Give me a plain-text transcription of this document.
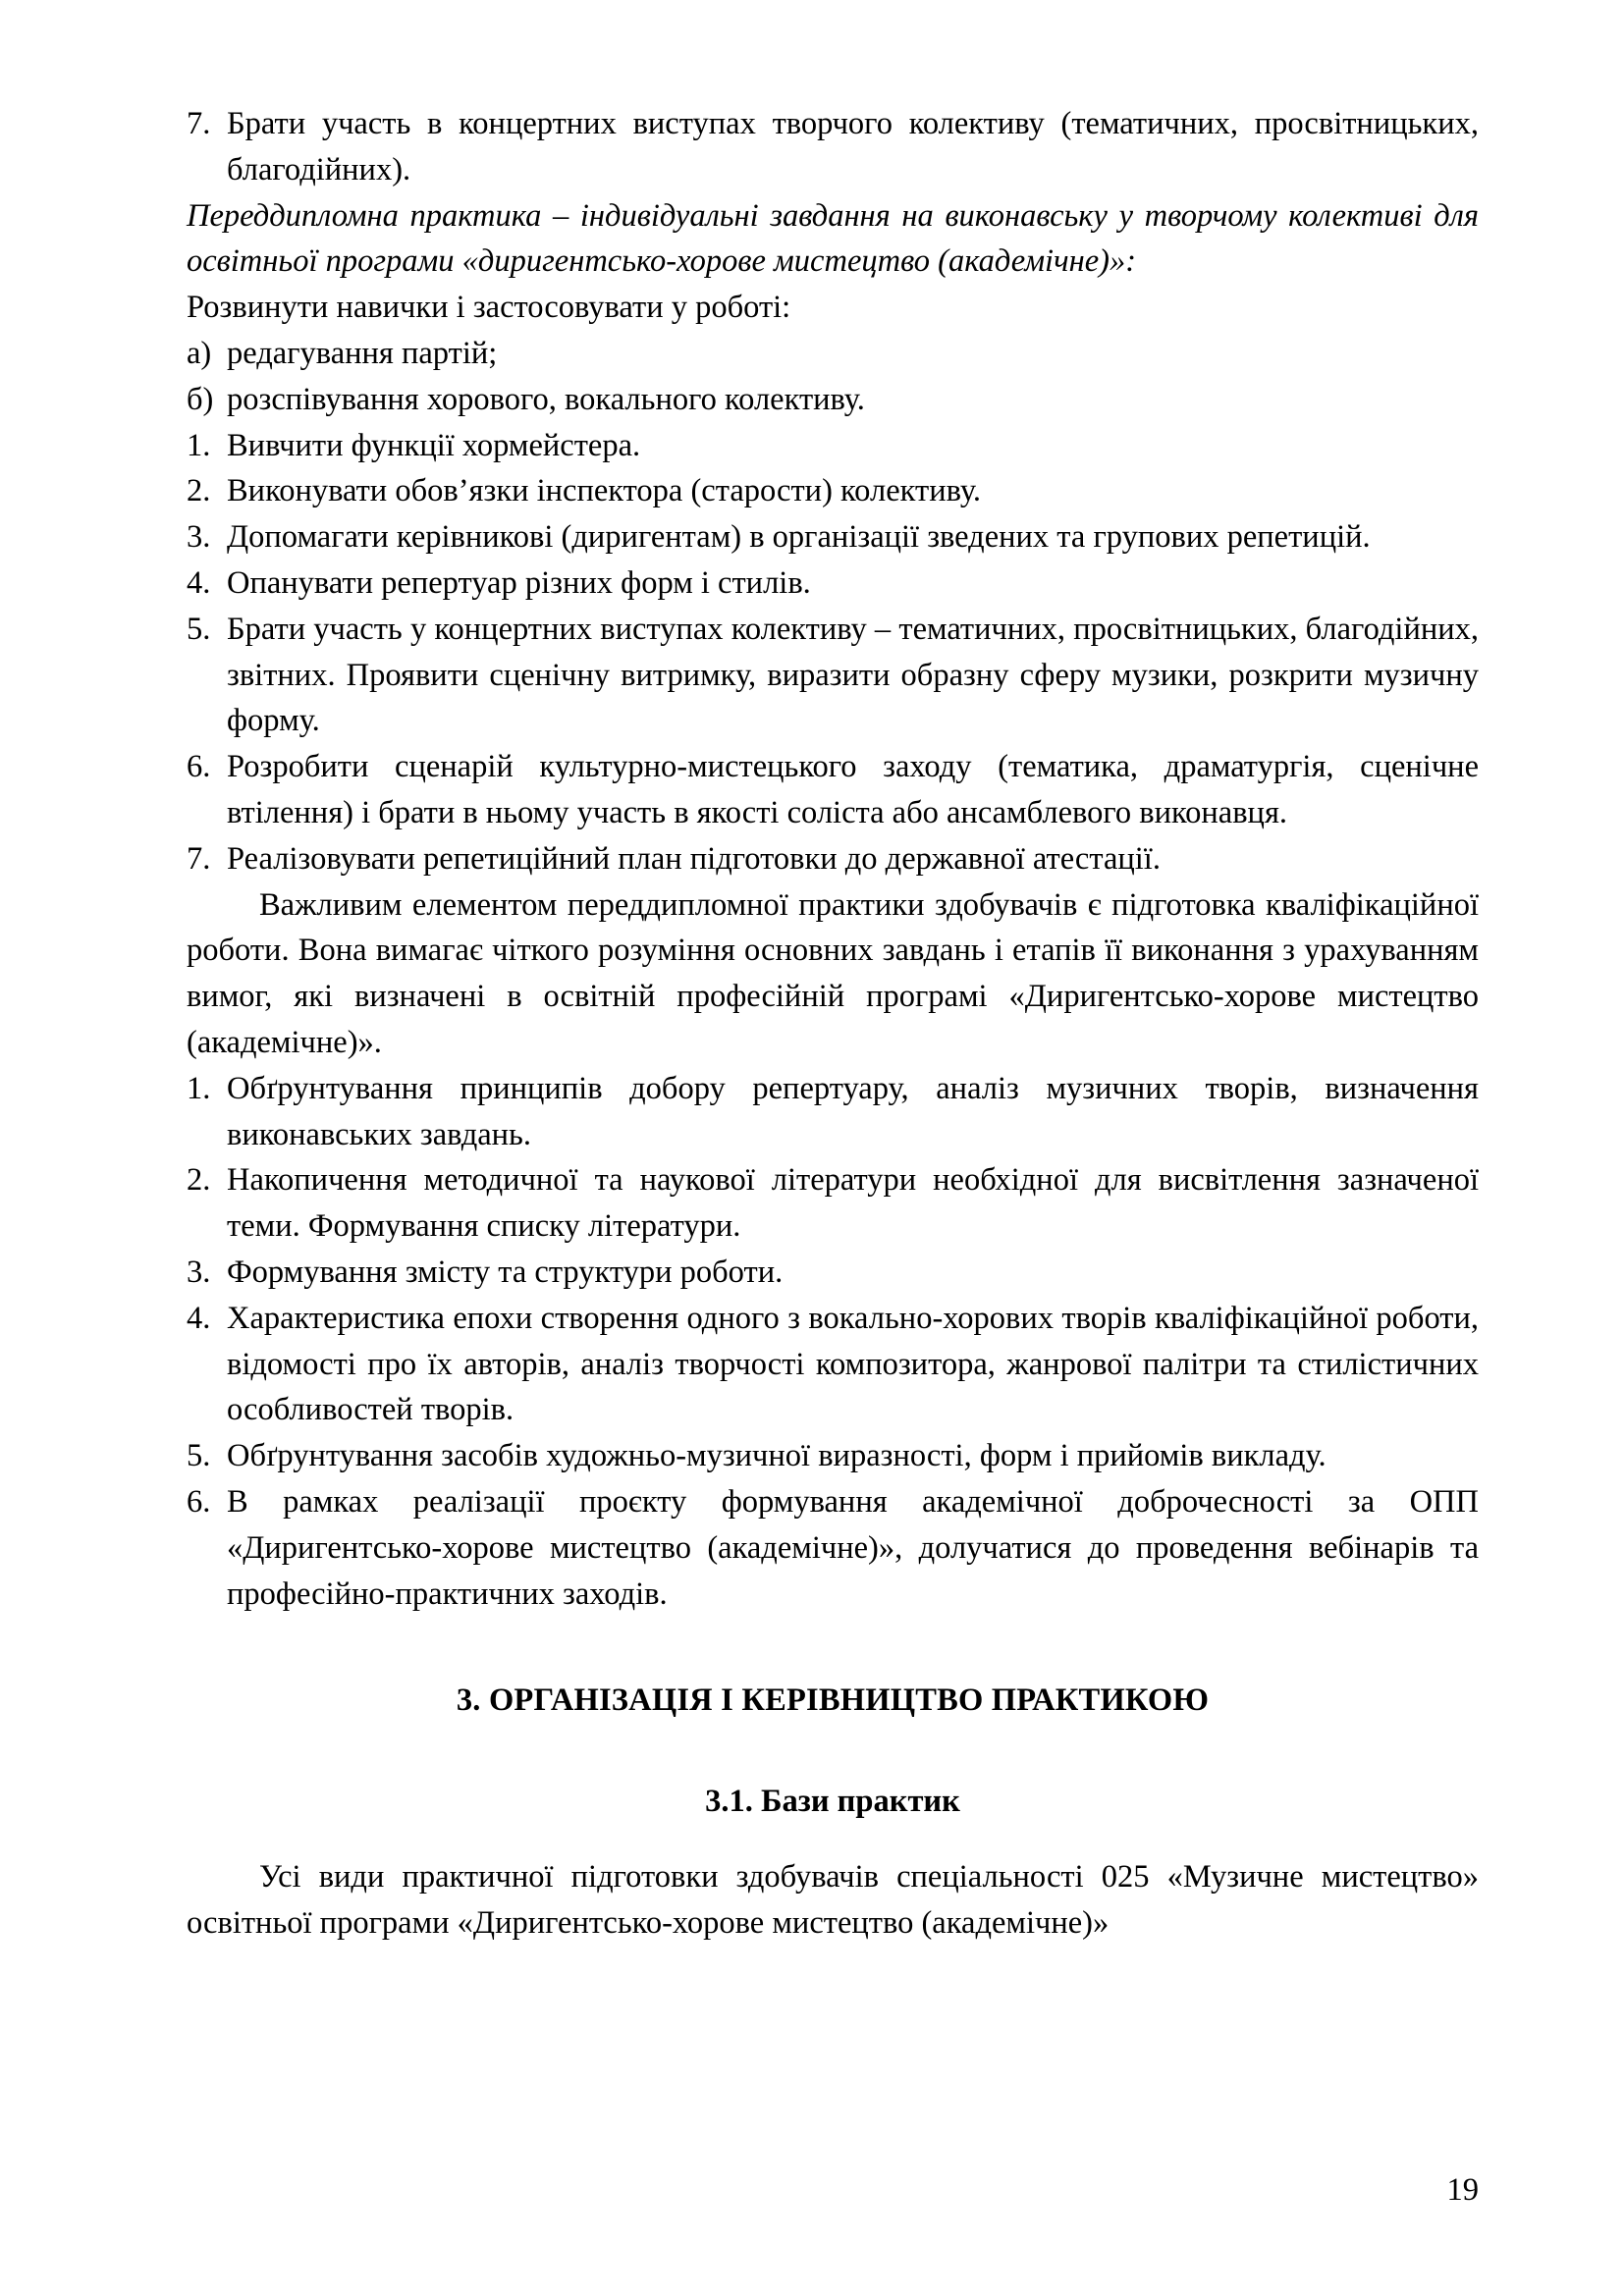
7. Брати участь в концертних виступах творчого колективу (тематичних, просвітницьких, благодійних).

Переддипломна практика – індивідуальні завдання на виконавську у творчому колективі для освітньої програми «диригентсько-хорове мистецтво (академічне)»:

Розвинути навички і застосовувати у роботі:

а) редагування партій;
б) розспівування хорового, вокального колективу.
1. Вивчити функції хормейстера.
2. Виконувати обов’язки інспектора (старости) колективу.
3. Допомагати керівникові (диригентам) в організації зведених та групових репетицій.
4. Опанувати репертуар різних форм і стилів.
5. Брати участь у концертних виступах колективу – тематичних, просвітницьких, благодійних, звітних. Проявити сценічну витримку, виразити образну сферу музики, розкрити музичну форму.
6. Розробити сценарій культурно-мистецького заходу (тематика, драматургія, сценічне втілення) і брати в ньому участь в якості соліста або ансамблевого виконавця.
7. Реалізовувати репетиційний план підготовки до державної атестації.

Важливим елементом переддипломної практики здобувачів є підготовка кваліфікаційної роботи. Вона вимагає чіткого розуміння основних завдань і етапів її виконання з урахуванням вимог, які визначені в освітній професійній програмі «Диригентсько-хорове мистецтво (академічне)».

1. Обґрунтування принципів добору репертуару, аналіз музичних творів, визначення виконавських завдань.
2. Накопичення методичної та наукової літератури необхідної для висвітлення зазначеної теми. Формування списку літератури.
3. Формування змісту та структури роботи.
4. Характеристика епохи створення одного з вокально-хорових творів кваліфікаційної роботи, відомості про їх авторів, аналіз творчості композитора, жанрової палітри та стилістичних особливостей творів.
5. Обґрунтування засобів художньо-музичної виразності, форм і прийомів викладу.
6. В рамках реалізації проєкту формування академічної доброчесності за ОПП «Диригентсько-хорове мистецтво (академічне)», долучатися до проведення вебінарів та професійно-практичних заходів.
3. ОРГАНІЗАЦІЯ І КЕРІВНИЦТВО ПРАКТИКОЮ
3.1. Бази практик

Усі види практичної підготовки здобувачів спеціальності 025 «Музичне мистецтво» освітньої програми «Диригентсько-хорове мистецтво (академічне)»

19
